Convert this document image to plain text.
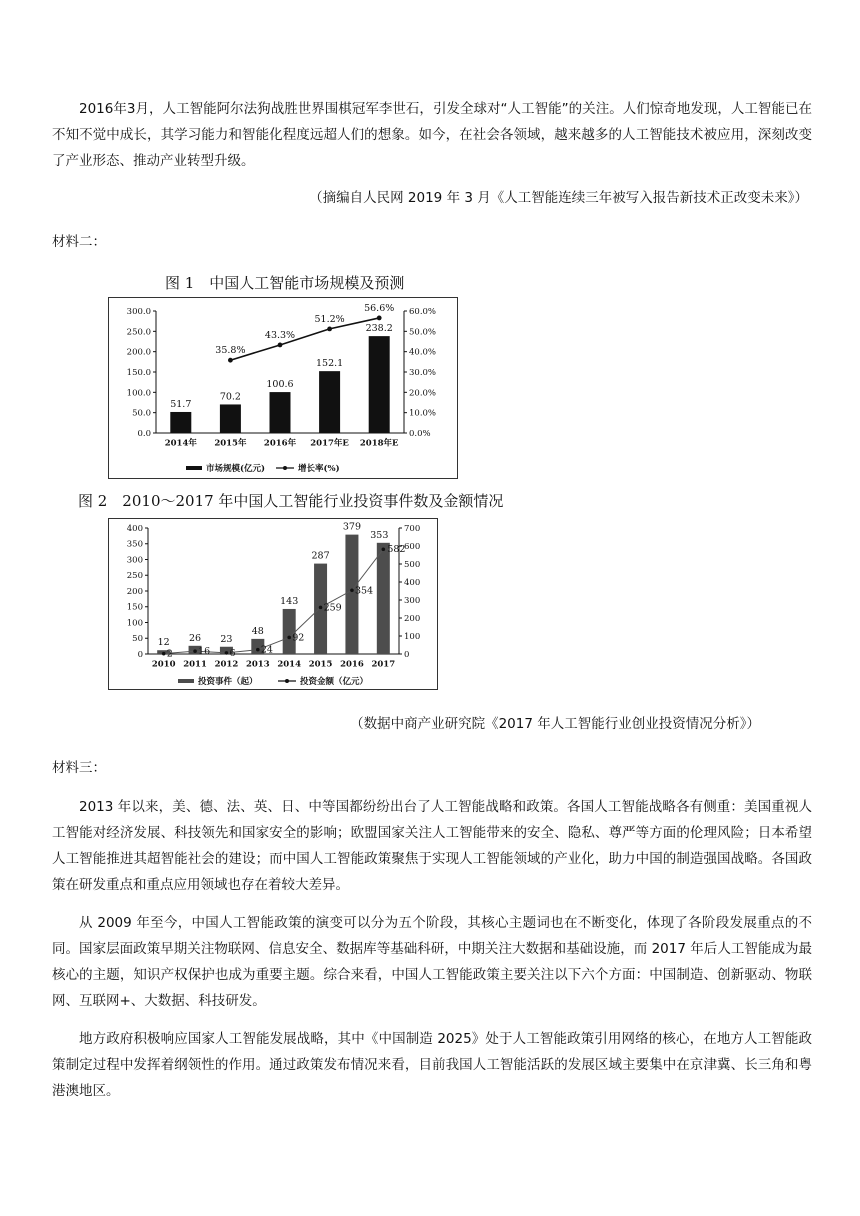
2016年3月，人工智能阿尔法狗战胜世界围棋冠军李世石，引发全球对“人工智能”的关注。人们惊奇地发现，人工智能已在不知不觉中成长，其学习能力和智能化程度远超人们的想象。如今，在社会各领域，越来越多的人工智能技术被应用，深刻改变了产业形态、推动产业转型升级。

（摘编自人民网 2019 年 3 月《人工智能连续三年被写入报告新技术正改变未来》）

材料二：

图 1　中国人工智能市场规模及预测
0.0
50.0
100.0
150.0
200.0
250.0
300.0
0.0%
10.0%
20.0%
30.0%
40.0%
50.0%
60.0%
2014年 2015年 2016年 2017年E 2018年E
51.7
70.2
100.6
152.1
238.2
35.8%
43.3%
51.2%
56.6%
市场规模(亿元)	增长率(%)
图 2　2010～2017 年中国人工智能行业投资事件数及金额情况
0
50
100
150
200
250
300
350
400
0
100
200
300
400
500
600
700
2010 2011 2012 2013 2014 2015 2016 2017
12 26 23
48
143
287
379
353
2	16 6	24
92
259
354
582
投资事件（起）	投资金额（亿元）

（数据中商产业研究院《2017 年人工智能行业创业投资情况分析》）

材料三：

2013 年以来，美、德、法、英、日、中等国都纷纷出台了人工智能战略和政策。各国人工智能战略各有侧重：美国重视人工智能对经济发展、科技领先和国家安全的影响；欧盟国家关注人工智能带来的安全、隐私、尊严等方面的伦理风险；日本希望人工智能推进其超智能社会的建设；而中国人工智能政策聚焦于实现人工智能领域的产业化，助力中国的制造强国战略。各国政策在研发重点和重点应用领域也存在着较大差异。

从 2009 年至今，中国人工智能政策的演变可以分为五个阶段，其核心主题词也在不断变化，体现了各阶段发展重点的不同。国家层面政策早期关注物联网、信息安全、数据库等基础科研，中期关注大数据和基础设施，而 2017 年后人工智能成为最核心的主题，知识产权保护也成为重要主题。综合来看，中国人工智能政策主要关注以下六个方面：中国制造、创新驱动、物联网、互联网+、大数据、科技研发。

地方政府积极响应国家人工智能发展战略，其中《中国制造 2025》处于人工智能政策引用网络的核心，在地方人工智能政策制定过程中发挥着纲领性的作用。通过政策发布情况来看，目前我国人工智能活跃的发展区域主要集中在京津冀、长三角和粤港澳地区。
